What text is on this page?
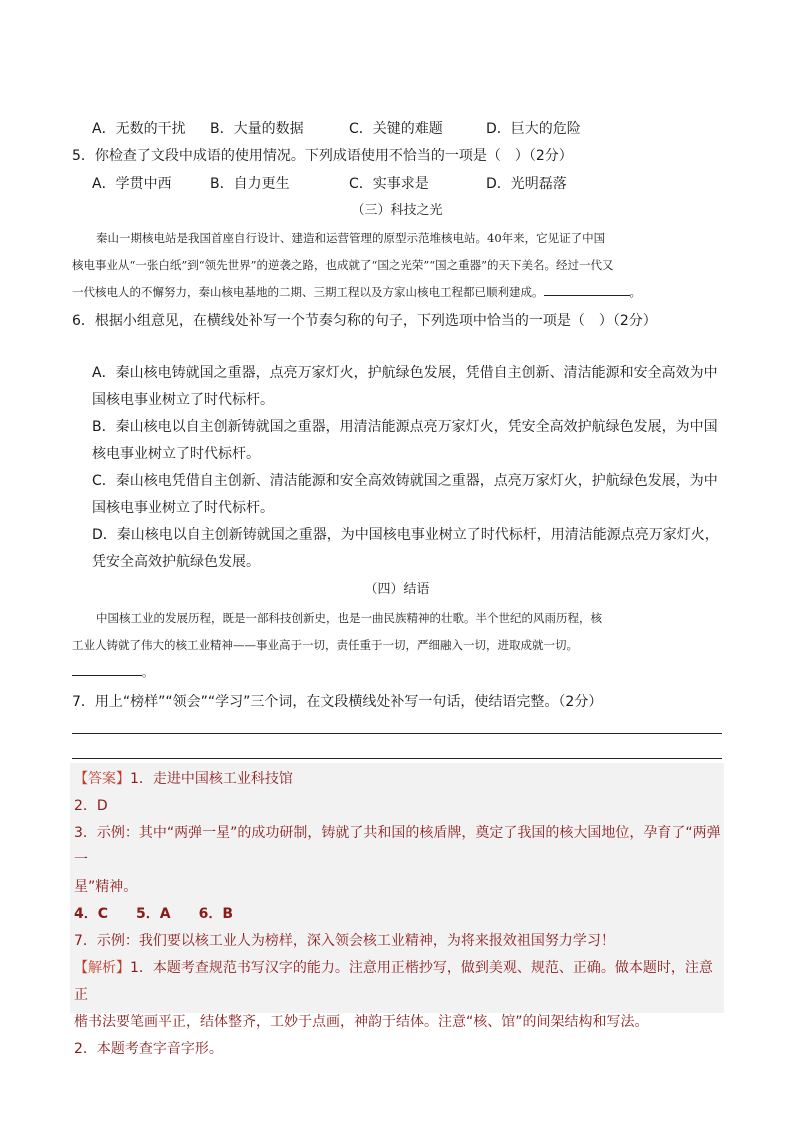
A．无数的干扰 B．大量的数据	C．关键的难题	D．巨大的危险
5．你检查了文段中成语的使用情况。下列成语使用不恰当的一项是（　）（2分）
A．学贯中西	B．自力更生	C．实事求是	D．光明磊落
（三）科技之光
秦山一期核电站是我国首座自行设计、建造和运营管理的原型示范堆核电站。40年来，它见证了中国
核电事业从“一张白纸”到“领先世界”的逆袭之路，也成就了“国之光荣”“国之重器”的天下美名。经过一代又
一代核电人的不懈努力，秦山核电基地的二期、三期工程以及方家山核电工程都已顺利建成。	。
6．根据小组意见，在横线处补写一个节奏匀称的句子，下列选项中恰当的一项是（　）（2分）

A．秦山核电铸就国之重器，点亮万家灯火，护航绿色发展，凭借自主创新、清洁能源和安全高效为中
国核电事业树立了时代标杆。

B．秦山核电以自主创新铸就国之重器，用清洁能源点亮万家灯火，凭安全高效护航绿色发展，为中国
核电事业树立了时代标杆。

C．秦山核电凭借自主创新、清洁能源和安全高效铸就国之重器，点亮万家灯火，护航绿色发展，为中
国核电事业树立了时代标杆。

D．秦山核电以自主创新铸就国之重器，为中国核电事业树立了时代标杆，用清洁能源点亮万家灯火，
凭安全高效护航绿色发展。

（四）结语
中国核工业的发展历程，既是一部科技创新史，也是一曲民族精神的壮歌。半个世纪的风雨历程，核
工业人铸就了伟大的核工业精神——事业高于一切，责任重于一切，严细融入一切，进取成就一切。
。
7．用上“榜样”“领会”“学习”三个词，在文段横线处补写一句话，使结语完整。（2分）

【答案】1．走进中国核工业科技馆

2．D

3．示例：其中“两弹一星”的成功研制，铸就了共和国的核盾牌，奠定了我国的核大国地位，孕育了“两弹一
星”精神。

4．C　　5．A　　6．B

7．示例：我们要以核工业人为榜样，深入领会核工业精神，为将来报效祖国努力学习！

【解析】1．本题考查规范书写汉字的能力。注意用正楷抄写，做到美观、规范、正确。做本题时，注意正

楷书法要笔画平正，结体整齐，工妙于点画，神韵于结体。注意“核、馆”的间架结构和写法。

2．本题考查字音字形。
